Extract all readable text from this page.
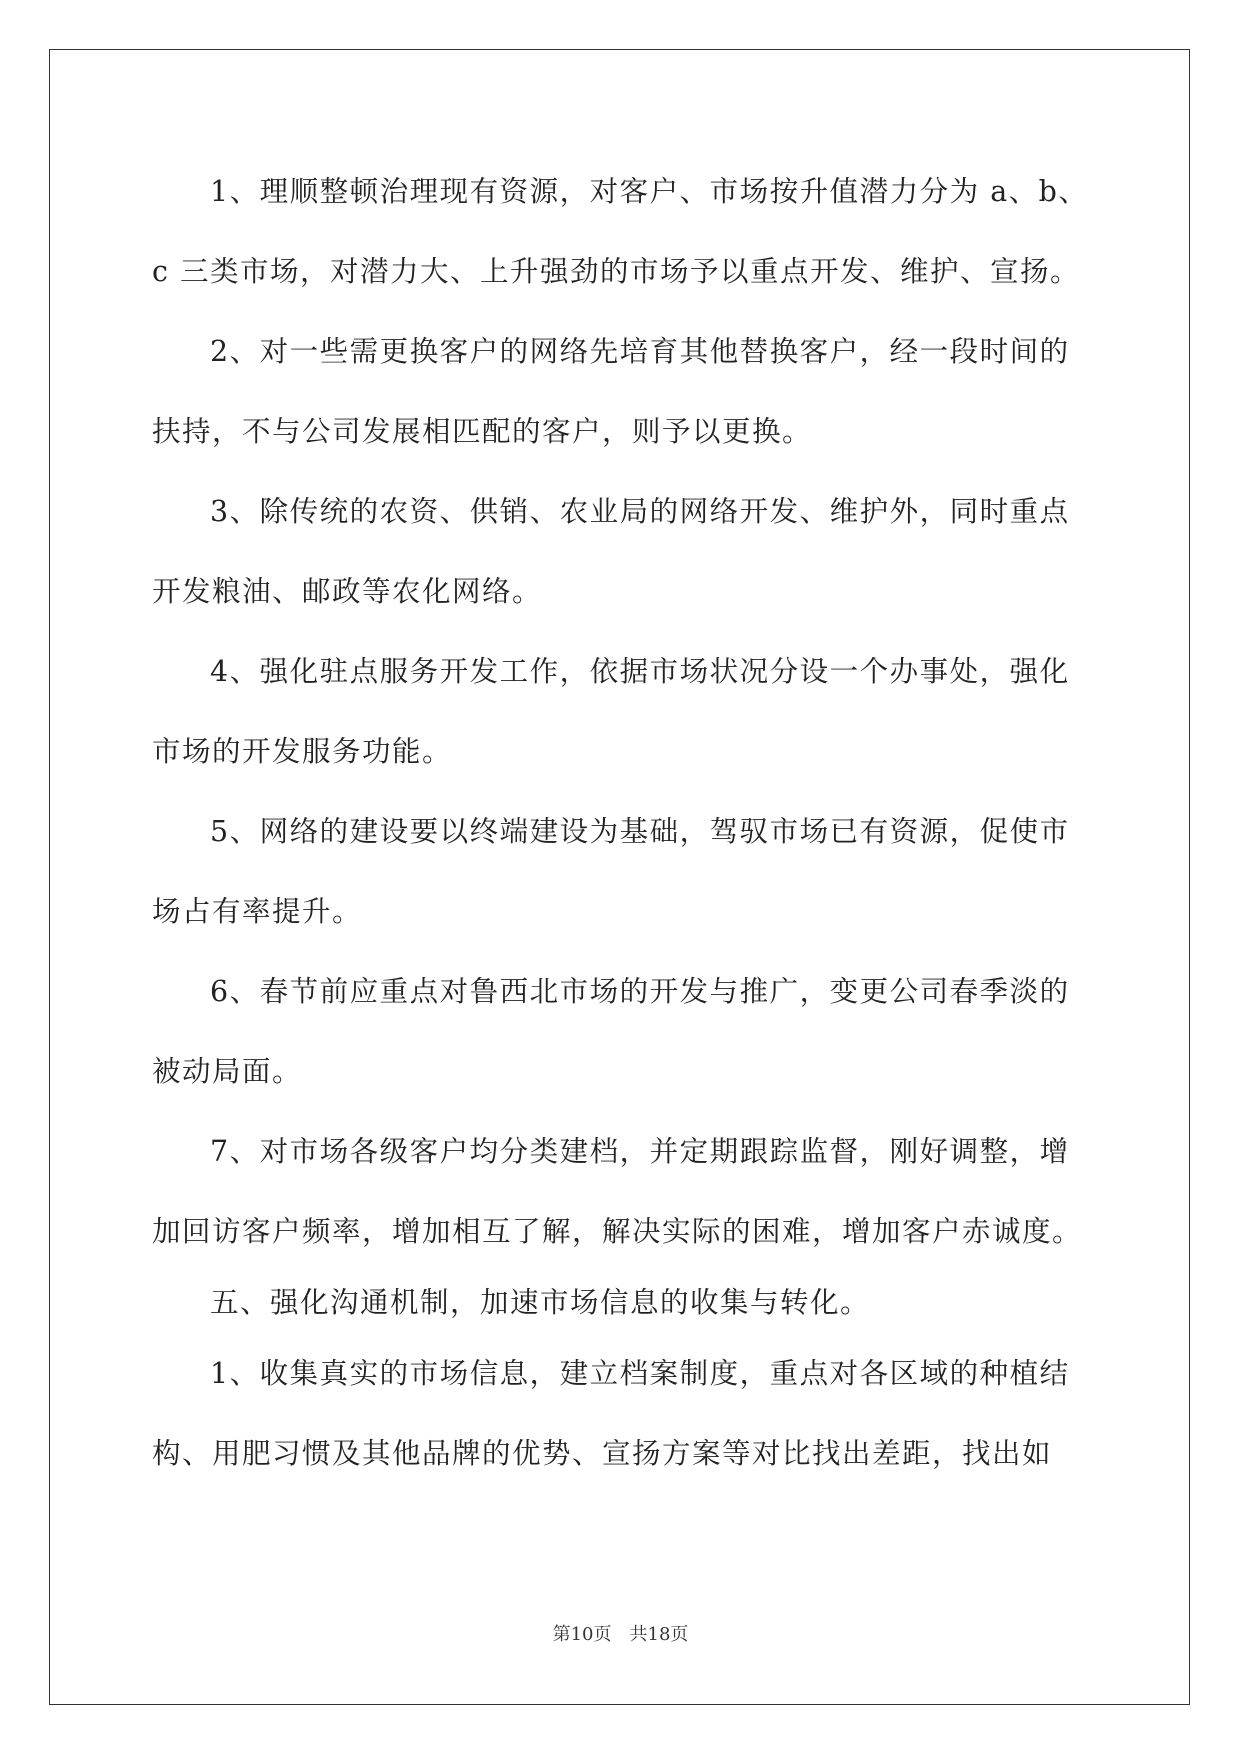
1、理顺整顿治理现有资源，对客户、市场按升值潜力分为 a、b、
c 三类市场，对潜力大、上升强劲的市场予以重点开发、维护、宣扬。
2、对一些需更换客户的网络先培育其他替换客户，经一段时间的
扶持，不与公司发展相匹配的客户，则予以更换。
3、除传统的农资、供销、农业局的网络开发、维护外，同时重点
开发粮油、邮政等农化网络。
4、强化驻点服务开发工作，依据市场状况分设一个办事处，强化
市场的开发服务功能。
5、网络的建设要以终端建设为基础，驾驭市场已有资源，促使市
场占有率提升。
6、春节前应重点对鲁西北市场的开发与推广，变更公司春季淡的
被动局面。
7、对市场各级客户均分类建档，并定期跟踪监督，刚好调整，增
加回访客户频率，增加相互了解，解决实际的困难，增加客户赤诚度。
五、强化沟通机制，加速市场信息的收集与转化。
1、收集真实的市场信息，建立档案制度，重点对各区域的种植结
构、用肥习惯及其他品牌的优势、宣扬方案等对比找出差距，找出如
第10页 共18页
